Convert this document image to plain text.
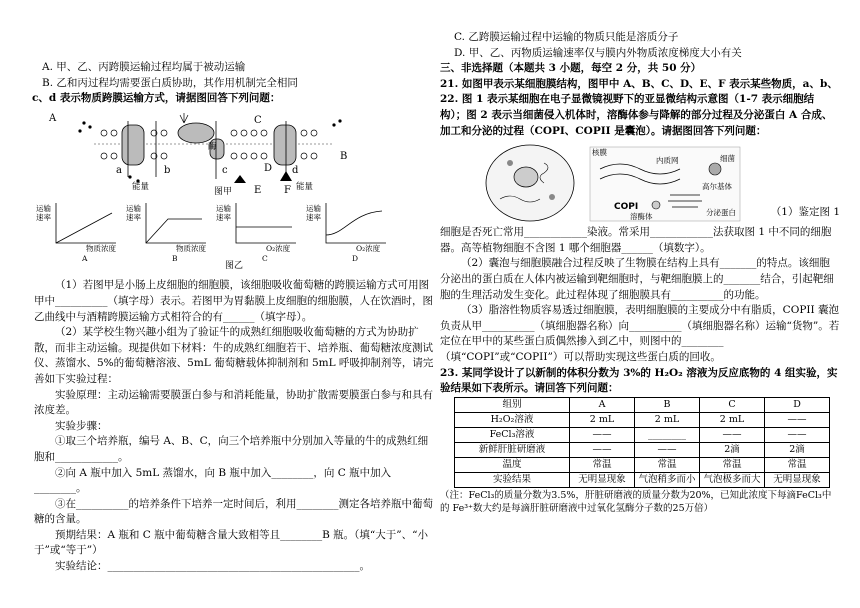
A. 甲、乙、丙跨膜运输过程均属于被动运输

B. 乙和丙过程均需要蛋白质协助，其作用机制完全相同

c、d 表示物质跨膜运输方式，请据图回答下列问题：

A
B
C
D
E F
a	b	c	d
能量	能量
酶
图甲
运输
速率
运输
速率
运输
速率
运输
速率
物质浓度	物质浓度	O₂浓度	O₂浓度
A	B	C	D
图乙

（1）若图甲是小肠上皮细胞的细胞膜，该细胞吸收葡萄糖的跨膜运输方式可用图甲中__________（填字母）表示。若图甲为胃黏膜上皮细胞的细胞膜，人在饮酒时，图乙曲线中与酒精跨膜运输方式相符合的有______（填字母）。

（2）某学校生物兴趣小组为了验证牛的成熟红细胞吸收葡萄糖的方式为协助扩散，而非主动运输。现提供如下材料：牛的成熟红细胞若干、培养瓶、葡萄糖浓度测试仪、蒸馏水、5%的葡萄糖溶液、5mL 葡萄糖载体抑制剂和 5mL 呼吸抑制剂等，请完善如下实验过程：

实验原理：主动运输需要膜蛋白参与和消耗能量，协助扩散需要膜蛋白参与和具有浓度差。

实验步骤：

①取三个培养瓶，编号 A、B、C，向三个培养瓶中分别加入等量的牛的成熟红细胞和____________。

②向 A 瓶中加入 5mL 蒸馏水，向 B 瓶中加入________，向 C 瓶中加入________。

③在__________的培养条件下培养一定时间后，利用________测定各培养瓶中葡萄糖的含量。

预期结果：A 瓶和 C 瓶中葡萄糖含量大致相等且________B 瓶。（填“大于”、“小于”或“等于”）

实验结论：________________________________________________。

C. 乙跨膜运输过程中运输的物质只能是溶质分子

D. 甲、乙、丙物质运输速率仅与膜内外物质浓度梯度大小有关

三、非选择题（本题共 3 小题，每空 2 分，共 50 分）

21. 如图甲表示某细胞膜结构，图甲中 A、B、C、D、E、F 表示某些物质，a、b、

22. 图 1 表示某细胞在电子显微镜视野下的亚显微结构示意图（1-7 表示细胞结构）；图 2 表示当细菌侵入机体时，溶酶体参与降解的部分过程及分泌蛋白 A 合成、加工和分泌的过程（COPI、COPII 是囊泡）。请据图回答下列问题：

核膜
内质网
高尔基体
细菌
溶酶体	分泌蛋白
COPI	（1）鉴定图 1

细胞是否死亡常用____________染液。常采用____________法获取图 1 中不同的细胞器。高等植物细胞不含图 1 哪个细胞器______（填数字）。

（2）囊泡与细胞膜融合过程反映了生物膜在结构上具有_______的特点。该细胞分泌出的蛋白质在人体内被运输到靶细胞时，与靶细胞膜上的_______结合，引起靶细胞的生理活动发生变化。此过程体现了细胞膜具有__________的功能。

（3）脂溶性物质容易透过细胞膜，表明细胞膜的主要成分中有脂质，COPII 囊泡负责从甲__________（填细胞器名称）向__________（填细胞器名称）运输“货物”。若定位在甲中的某些蛋白质偶然掺入到乙中，则图中的________（填“COPI”或“COPII”）可以帮助实现这些蛋白质的回收。

23. 某同学设计了以新制的体积分数为 3%的 H₂O₂ 溶液为反应底物的 4 组实验，实验结果如下表所示。请回答下列问题：

组别	A	B	C	D
H₂O₂溶液	2 mL	2 mL	2 mL	——
FeCl₃溶液	——	________	——	——
新鲜肝脏研磨液	——	——	2滴	2滴
温度	常温	常温	常温	常温
实验结果	无明显现象	气泡稍多而小	气泡极多而大	无明显现象

（注：FeCl₃的质量分数为3.5%，肝脏研磨液的质量分数为20%，已知此浓度下每滴FeCl₃中的 Fe³⁺数大约是每滴肝脏研磨液中过氧化氢酶分子数的25万倍）
